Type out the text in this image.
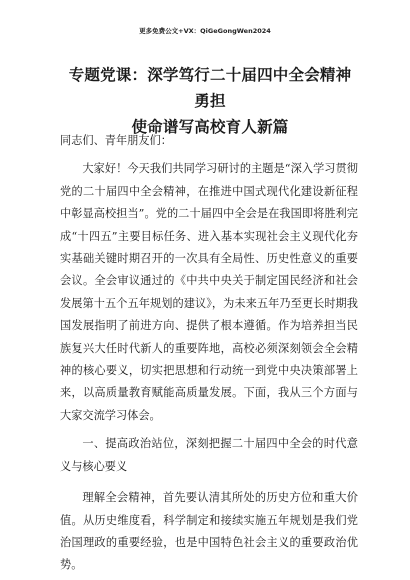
更多免费公文+VX：QiGeGongWen2024
专题党课：深学笃行二十届四中全会精神 勇担
使命谱写高校育人新篇

同志们、青年朋友们：

大家好！今天我们共同学习研讨的主题是“深入学习贯彻党的二十届四中全会精神，在推进中国式现代化建设新征程中彰显高校担当”。党的二十届四中全会是在我国即将胜利完成“十四五”主要目标任务、进入基本实现社会主义现代化夯实基础关键时期召开的一次具有全局性、历史性意义的重要会议。全会审议通过的《中共中央关于制定国民经济和社会发展第十五个五年规划的建议》，为未来五年乃至更长时期我国发展指明了前进方向、提供了根本遵循。作为培养担当民族复兴大任时代新人的重要阵地，高校必须深刻领会全会精神的核心要义，切实把思想和行动统一到党中央决策部署上来，以高质量教育赋能高质量发展。下面，我从三个方面与大家交流学习体会。

一、提高政治站位，深刻把握二十届四中全会的时代意义与核心要义

理解全会精神，首先要认清其所处的历史方位和重大价值。从历史维度看，科学制定和接续实施五年规划是我们党治国理政的重要经验，也是中国特色社会主义的重要政治优势。
